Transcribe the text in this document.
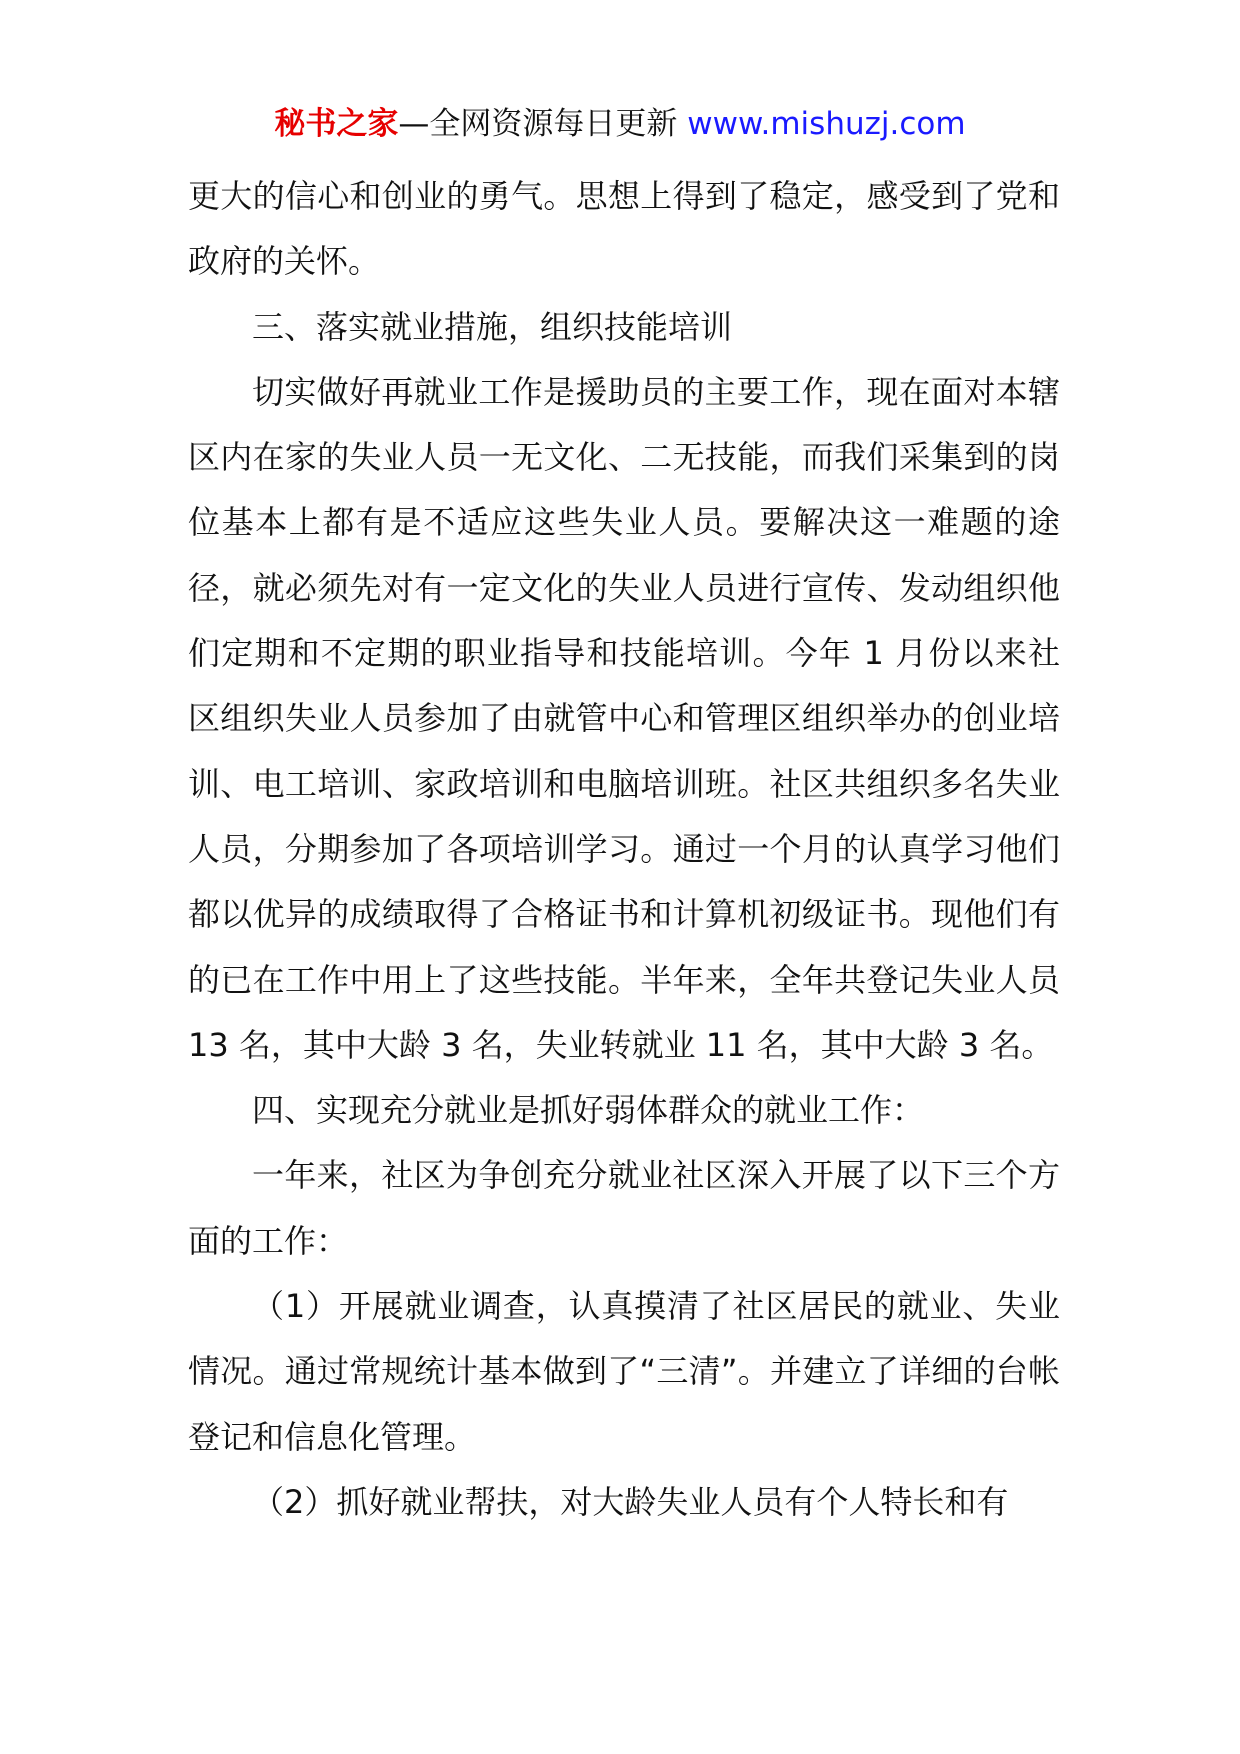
秘书之家—全网资源每日更新 www.mishuzj.com

更大的信心和创业的勇气。思想上得到了稳定，感受到了党和政府的关怀。

三、落实就业措施，组织技能培训

切实做好再就业工作是援助员的主要工作，现在面对本辖区内在家的失业人员一无文化、二无技能，而我们采集到的岗位基本上都有是不适应这些失业人员。要解决这一难题的途径，就必须先对有一定文化的失业人员进行宣传、发动组织他们定期和不定期的职业指导和技能培训。今年 1 月份以来社区组织失业人员参加了由就管中心和管理区组织举办的创业培训、电工培训、家政培训和电脑培训班。社区共组织多名失业人员，分期参加了各项培训学习。通过一个月的认真学习他们都以优异的成绩取得了合格证书和计算机初级证书。现他们有的已在工作中用上了这些技能。半年来，全年共登记失业人员 13 名，其中大龄 3 名，失业转就业 11 名，其中大龄 3 名。

四、实现充分就业是抓好弱体群众的就业工作：

一年来，社区为争创充分就业社区深入开展了以下三个方面的工作：

（1）开展就业调查，认真摸清了社区居民的就业、失业情况。通过常规统计基本做到了“三清”。并建立了详细的台帐登记和信息化管理。

（2）抓好就业帮扶，对大龄失业人员有个人特长和有
